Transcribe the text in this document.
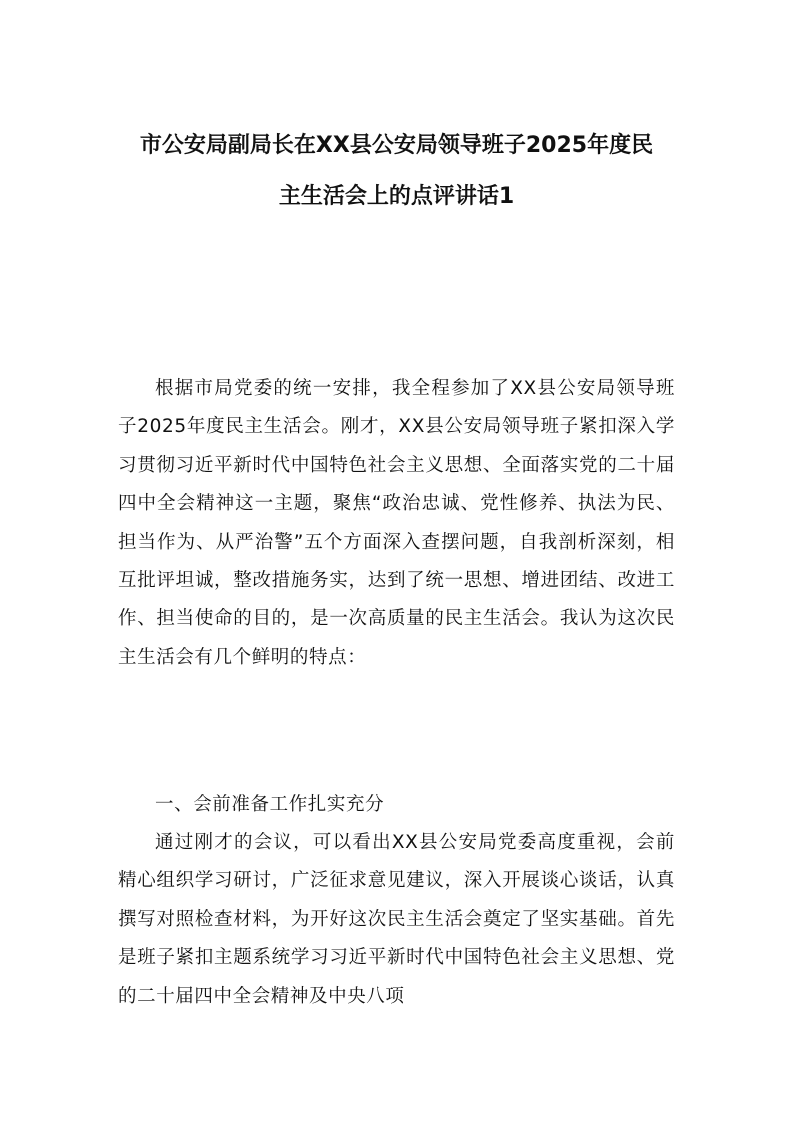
市公安局副局长在XX县公安局领导班子2025年度民
主生活会上的点评讲话1

根据市局党委的统一安排，我全程参加了XX县公安局领导班子2025年度民主生活会。刚才，XX县公安局领导班子紧扣深入学习贯彻习近平新时代中国特色社会主义思想、全面落实党的二十届四中全会精神这一主题，聚焦“政治忠诚、党性修养、执法为民、担当作为、从严治警”五个方面深入查摆问题，自我剖析深刻，相互批评坦诚，整改措施务实，达到了统一思想、增进团结、改进工作、担当使命的目的，是一次高质量的民主生活会。我认为这次民主生活会有几个鲜明的特点：

一、会前准备工作扎实充分

通过刚才的会议，可以看出XX县公安局党委高度重视，会前精心组织学习研讨，广泛征求意见建议，深入开展谈心谈话，认真撰写对照检查材料，为开好这次民主生活会奠定了坚实基础。首先是班子紧扣主题系统学习习近平新时代中国特色社会主义思想、党的二十届四中全会精神及中央八项
